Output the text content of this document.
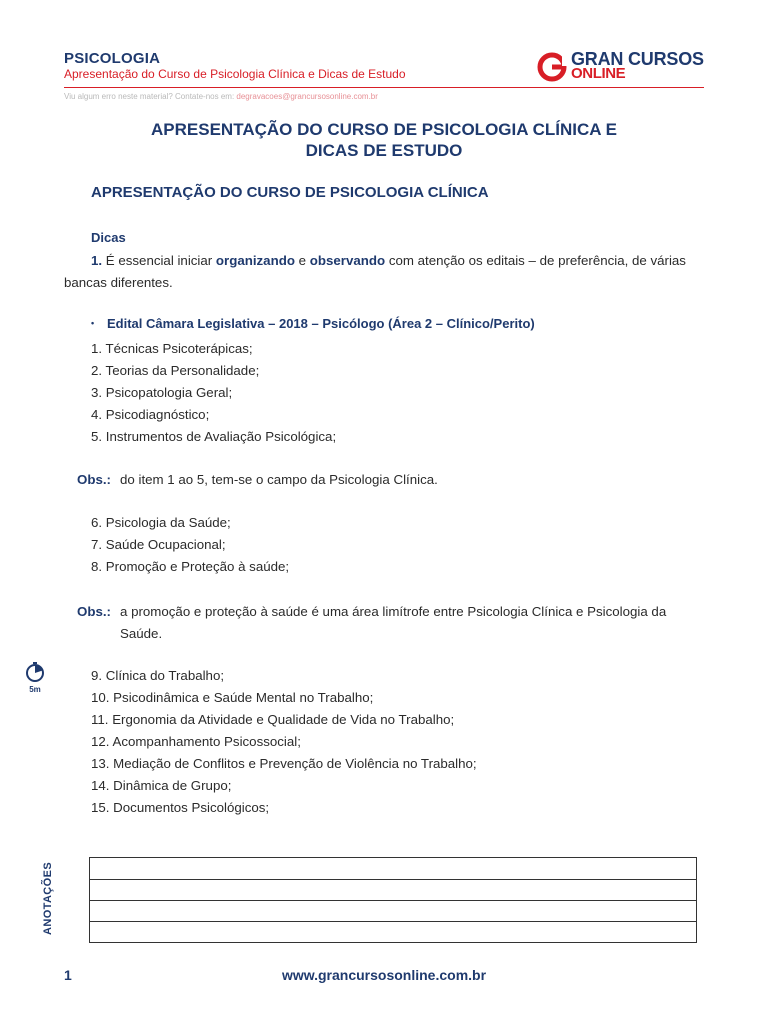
PSICOLOGIA
Apresentação do Curso de Psicologia Clínica e Dicas de Estudo
Viu algum erro neste material? Contate-nos em: degravacoes@grancursosonline.com.br
GRAN CURSOS
ONLINE
APRESENTAÇÃO DO CURSO DE PSICOLOGIA CLÍNICA E
DICAS DE ESTUDO
APRESENTAÇÃO DO CURSO DE PSICOLOGIA CLÍNICA
Dicas
1. É essencial iniciar organizando e observando com atenção os editais – de preferência, de várias bancas diferentes.
• Edital Câmara Legislativa – 2018 – Psicólogo (Área 2 – Clínico/Perito)
1. Técnicas Psicoterápicas;
2. Teorias da Personalidade;
3. Psicopatologia Geral;
4. Psicodiagnóstico;
5. Instrumentos de Avaliação Psicológica;
Obs.: do item 1 ao 5, tem-se o campo da Psicologia Clínica.
6. Psicologia da Saúde;
7. Saúde Ocupacional;
8. Promoção e Proteção à saúde;
Obs.: a promoção e proteção à saúde é uma área limítrofe entre Psicologia Clínica e Psicologia da Saúde.
5m
9. Clínica do Trabalho;
10. Psicodinâmica e Saúde Mental no Trabalho;
11. Ergonomia da Atividade e Qualidade de Vida no Trabalho;
12. Acompanhamento Psicossocial;
13. Mediação de Conflitos e Prevenção de Violência no Trabalho;
14. Dinâmica de Grupo;
15. Documentos Psicológicos;
ANOTAÇÕES
1	www.grancursosonline.com.br
